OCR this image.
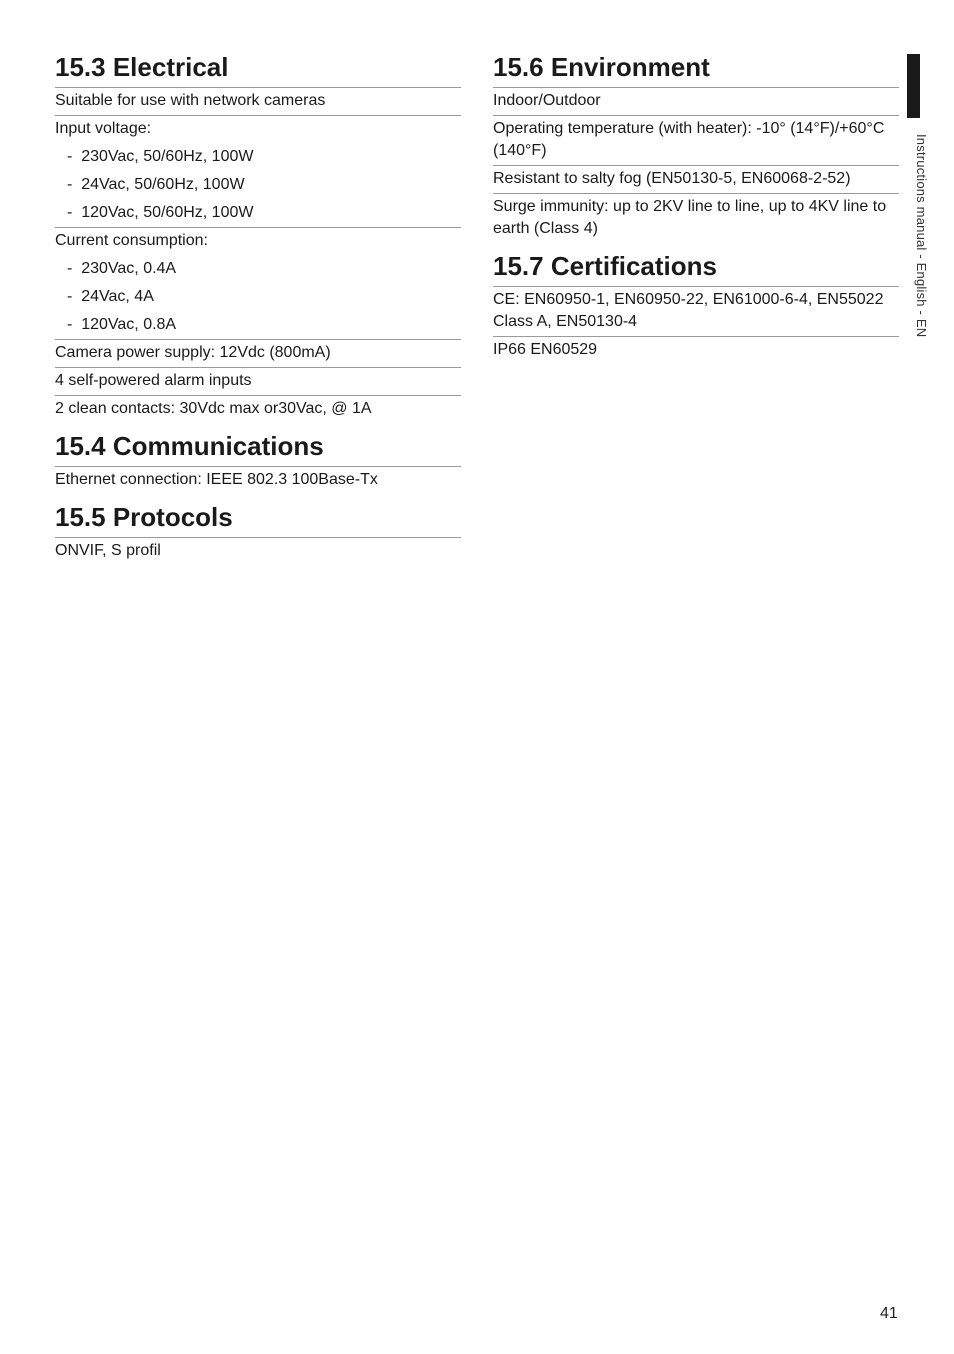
15.3 Electrical
Suitable for use with network cameras
Input voltage:
-  230Vac, 50/60Hz, 100W
-  24Vac, 50/60Hz, 100W
-  120Vac, 50/60Hz, 100W
Current consumption:
-  230Vac, 0.4A
-  24Vac, 4A
-  120Vac, 0.8A
Camera power supply: 12Vdc (800mA)
4 self-powered alarm inputs
2 clean contacts: 30Vdc max or30Vac, @ 1A
15.4 Communications
Ethernet connection: IEEE 802.3 100Base-Tx
15.5 Protocols
ONVIF, S profil
15.6 Environment
Indoor/Outdoor
Operating temperature (with heater): -10° (14°F)/+60°C (140°F)
Resistant to salty fog (EN50130-5, EN60068-2-52)
Surge immunity: up to 2KV line to line, up to 4KV line to earth (Class 4)
15.7 Certifications
CE: EN60950-1, EN60950-22, EN61000-6-4, EN55022 Class A, EN50130-4
IP66 EN60529
Instructions manual - English - EN
41
